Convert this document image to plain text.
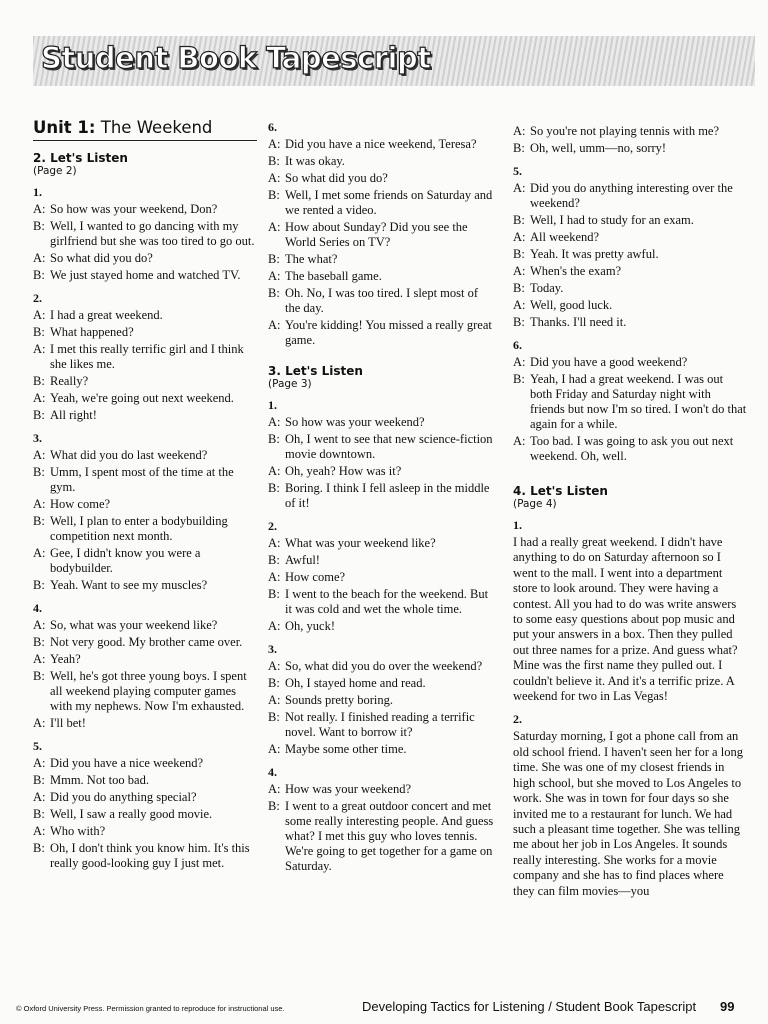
Student Book Tapescript
Unit 1: The Weekend
2. Let's Listen
(Page 2)
1.
A: So how was your weekend, Don?
B: Well, I wanted to go dancing with my girlfriend but she was too tired to go out.
A: So what did you do?
B: We just stayed home and watched TV.
2.
A: I had a great weekend.
B: What happened?
A: I met this really terrific girl and I think she likes me.
B: Really?
A: Yeah, we're going out next weekend.
B: All right!
3.
A: What did you do last weekend?
B: Umm, I spent most of the time at the gym.
A: How come?
B: Well, I plan to enter a bodybuilding competition next month.
A: Gee, I didn't know you were a bodybuilder.
B: Yeah. Want to see my muscles?
4.
A: So, what was your weekend like?
B: Not very good. My brother came over.
A: Yeah?
B: Well, he's got three young boys. I spent all weekend playing computer games with my nephews. Now I'm exhausted.
A: I'll bet!
5.
A: Did you have a nice weekend?
B: Mmm. Not too bad.
A: Did you do anything special?
B: Well, I saw a really good movie.
A: Who with?
B: Oh, I don't think you know him. It's this really good-looking guy I just met.
6.
A: Did you have a nice weekend, Teresa?
B: It was okay.
A: So what did you do?
B: Well, I met some friends on Saturday and we rented a video.
A: How about Sunday? Did you see the World Series on TV?
B: The what?
A: The baseball game.
B: Oh. No, I was too tired. I slept most of the day.
A: You're kidding! You missed a really great game.
3. Let's Listen
(Page 3)
1.
A: So how was your weekend?
B: Oh, I went to see that new science-fiction movie downtown.
A: Oh, yeah? How was it?
B: Boring. I think I fell asleep in the middle of it!
2.
A: What was your weekend like?
B: Awful!
A: How come?
B: I went to the beach for the weekend. But it was cold and wet the whole time.
A: Oh, yuck!
3.
A: So, what did you do over the weekend?
B: Oh, I stayed home and read.
A: Sounds pretty boring.
B: Not really. I finished reading a terrific novel. Want to borrow it?
A: Maybe some other time.
4.
A: How was your weekend?
B: I went to a great outdoor concert and met some really interesting people. And guess what? I met this guy who loves tennis. We're going to get together for a game on Saturday.
A: So you're not playing tennis with me?
B: Oh, well, umm—no, sorry!
5.
A: Did you do anything interesting over the weekend?
B: Well, I had to study for an exam.
A: All weekend?
B: Yeah. It was pretty awful.
A: When's the exam?
B: Today.
A: Well, good luck.
B: Thanks. I'll need it.
6.
A: Did you have a good weekend?
B: Yeah, I had a great weekend. I was out both Friday and Saturday night with friends but now I'm so tired. I won't do that again for a while.
A: Too bad. I was going to ask you out next weekend. Oh, well.
4. Let's Listen
(Page 4)
1.
I had a really great weekend. I didn't have anything to do on Saturday afternoon so I went to the mall. I went into a department store to look around. They were having a contest. All you had to do was write answers to some easy questions about pop music and put your answers in a box. Then they pulled out three names for a prize. And guess what? Mine was the first name they pulled out. I couldn't believe it. And it's a terrific prize. A weekend for two in Las Vegas!
2.
Saturday morning, I got a phone call from an old school friend. I haven't seen her for a long time. She was one of my closest friends in high school, but she moved to Los Angeles to work. She was in town for four days so she invited me to a restaurant for lunch. We had such a pleasant time together. She was telling me about her job in Los Angeles. It sounds really interesting. She works for a movie company and she has to find places where they can film movies—you
© Oxford University Press. Permission granted to reproduce for instructional use.	Developing Tactics for Listening / Student Book Tapescript 99
